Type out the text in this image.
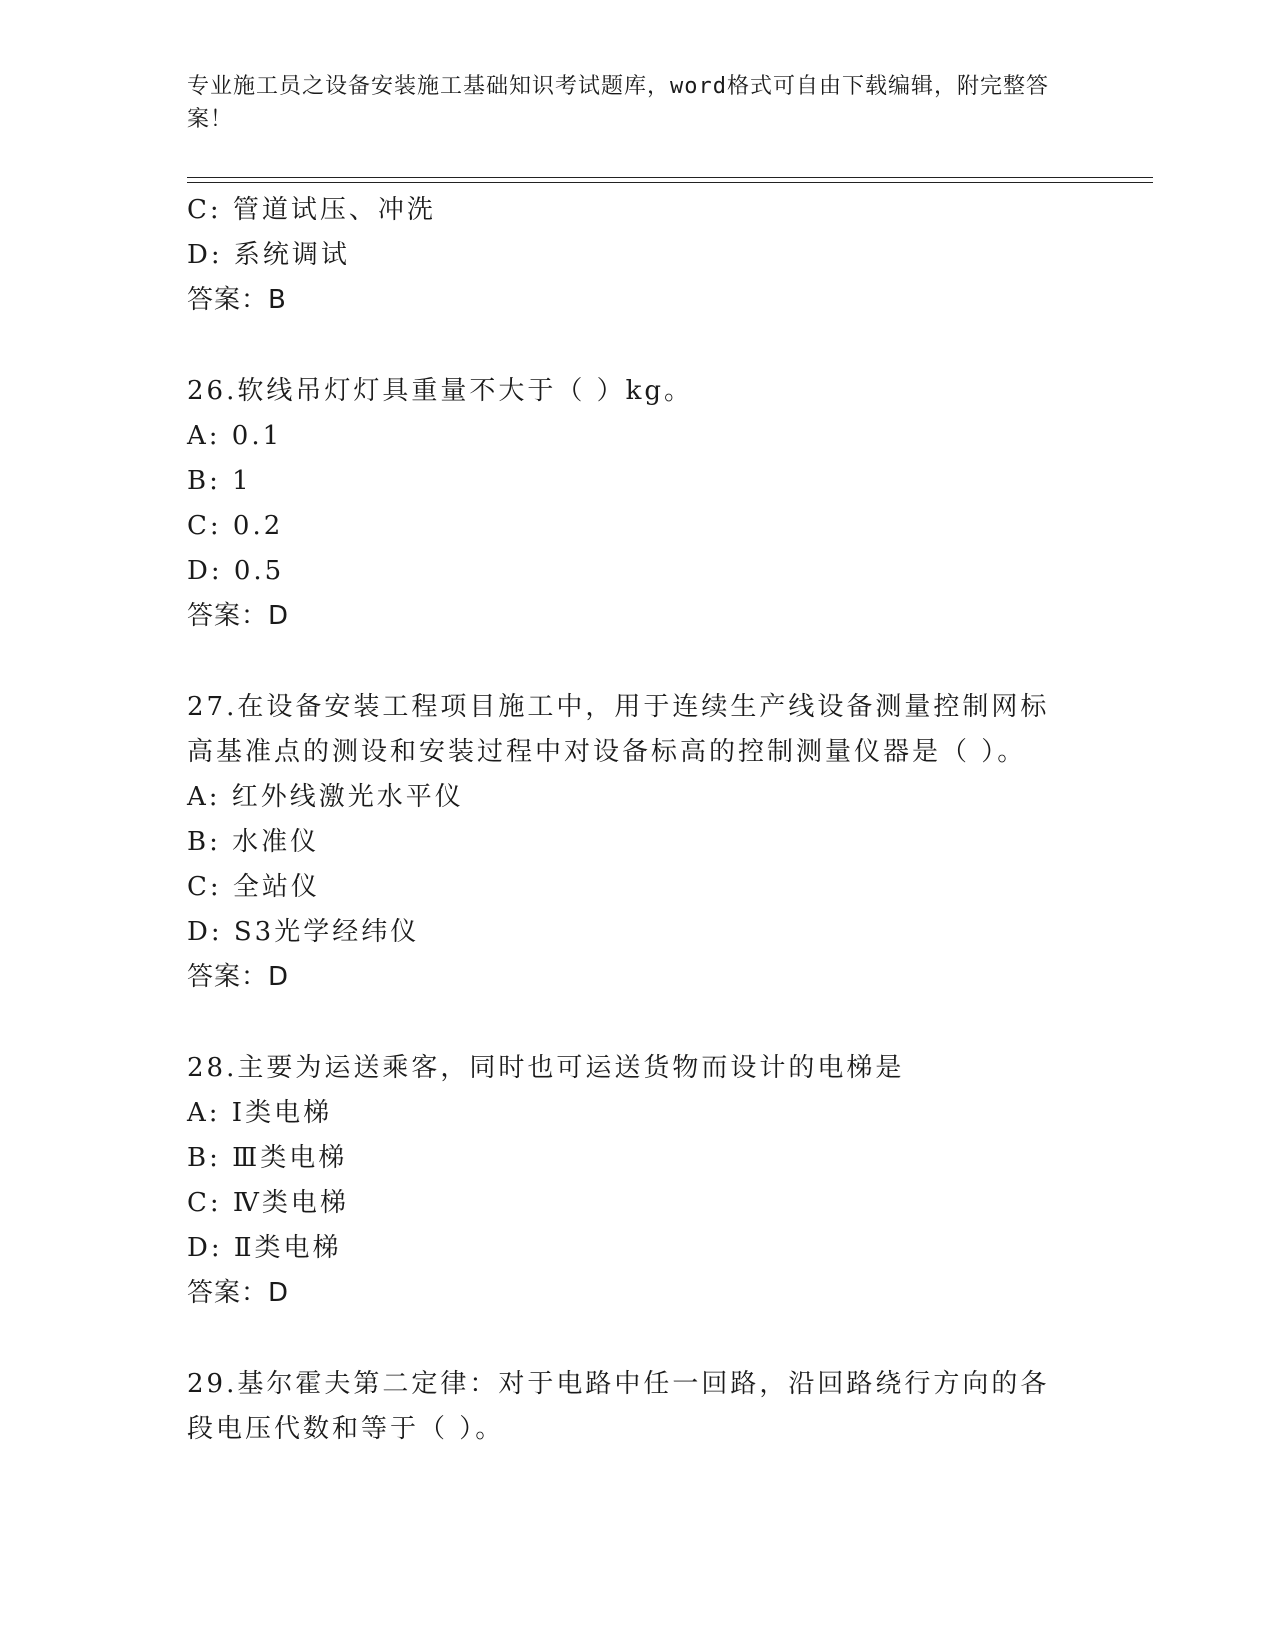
专业施工员之设备安装施工基础知识考试题库，word格式可自由下载编辑，附完整答案！
C: 管道试压、冲洗
D: 系统调试
答案：B
26.软线吊灯灯具重量不大于（ ）kg。
A: 0.1
B: 1
C: 0.2
D: 0.5
答案：D
27.在设备安装工程项目施工中，用于连续生产线设备测量控制网标高基准点的测设和安装过程中对设备标高的控制测量仪器是（ ）。
A: 红外线激光水平仪
B: 水准仪
C: 全站仪
D: S3光学经纬仪
答案：D
28.主要为运送乘客，同时也可运送货物而设计的电梯是
A: Ⅰ类电梯
B: Ⅲ类电梯
C: Ⅳ类电梯
D: Ⅱ类电梯
答案：D
29.基尔霍夫第二定律：对于电路中任一回路，沿回路绕行方向的各段电压代数和等于（ ）。
